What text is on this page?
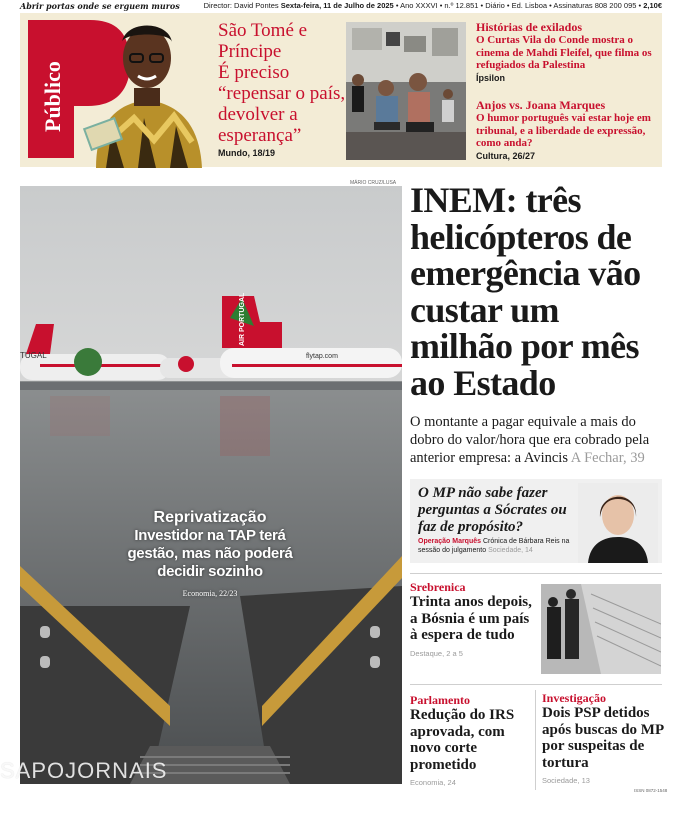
Abrir portas onde se erguem muros	Director: David Pontes Sexta-feira, 11 de Julho de 2025 • Ano XXXVI • n.º 12.851 • Diário • Ed. Lisboa • Assinaturas 808 200 095 • 2,10€
Público
São Tomé e Príncipe
É preciso “repensar o país, devolver a esperança”
Mundo, 18/19
Histórias de exilados
O Curtas Vila do Conde mostra o cinema de Mahdi Fleifel, que filma os refugiados da Palestina
Ípsilon
Anjos vs. Joana Marques
O humor português vai estar hoje em tribunal, e a liberdade de expressão, como anda?
Cultura, 26/27
MÁRIO CRUZ/LUSA
TUGAL
AIR PORTUGAL
flytap.com
Reprivatização
Investidor na TAP terá gestão, mas não poderá decidir sozinho
Economia, 22/23
INEM: três helicópteros de emergência vão custar um milhão por mês ao Estado
O montante a pagar equivale a mais do dobro do valor/hora que era cobrado pela anterior empresa: a Avincis A Fechar, 39
O MP não sabe fazer perguntas a Sócrates ou faz de propósito?
Operação Marquês Crónica de Bárbara Reis na sessão do julgamento Sociedade, 14
Srebrenica
Trinta anos depois, a Bósnia é um país à espera de tudo
Destaque, 2 a 5
Parlamento
Redução do IRS aprovada, com novo corte prometido
Economia, 24
Investigação
Dois PSP detidos após buscas do MP por suspeitas de tortura
Sociedade, 13
ISSN 0872-1548
SAPOJORNAIS
